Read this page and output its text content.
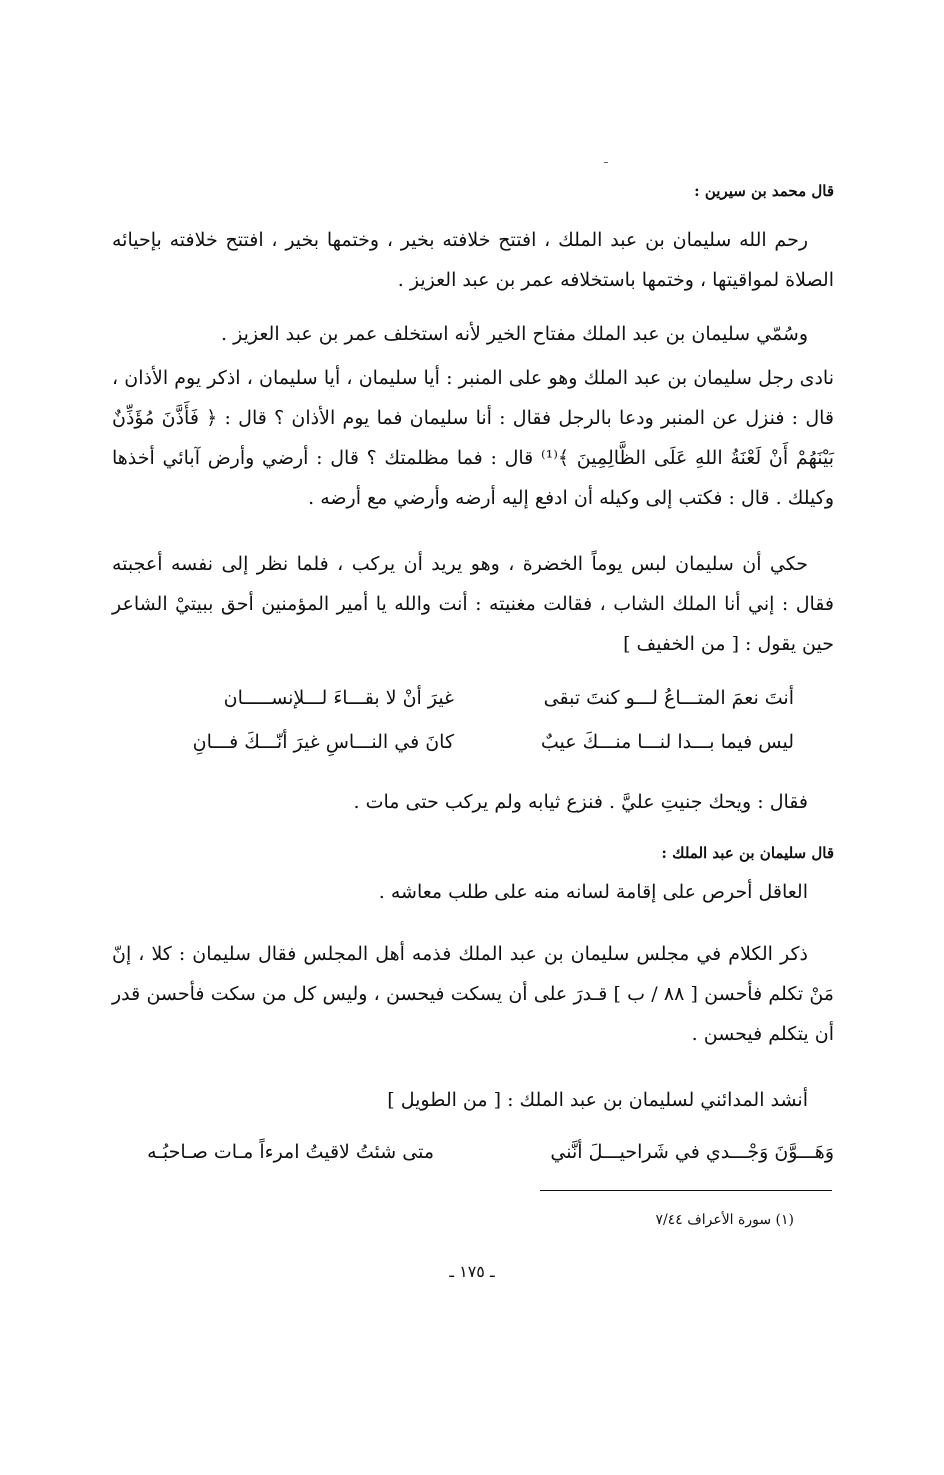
قال محمد بن سيرين :
رحم الله سليمان بن عبد الملك ، افتتح خلافته بخير ، وختمها بخير ، افتتح خلافته بإحيائه الصلاة لمواقيتها ، وختمها باستخلافه عمر بن عبد العزيز .
وسُمّي سليمان بن عبد الملك مفتاح الخير لأنه استخلف عمر بن عبد العزيز .
نادى رجل سليمان بن عبد الملك وهو على المنبر : أيا سليمان ، أيا سليمان ، اذكر يوم الأذان ، قال : فنزل عن المنبر ودعا بالرجل فقال : أنا سليمان فما يوم الأذان ؟ قال : ﴿ فَأَذَّنَ مُؤَذِّنٌ بَيْنَهُمْ أَنْ لَعْنَةُ اللهِ عَلَى الظَّالِمِينَ ﴾⁽¹⁾ قال : فما مظلمتك ؟ قال : أرضي وأرض آبائي أخذها وكيلك . قال : فكتب إلى وكيله أن ادفع إليه أرضه وأرضي مع أرضه .
حكي أن سليمان لبس يوماً الخضرة ، وهو يريد أن يركب ، فلما نظر إلى نفسه أعجبته فقال : إني أنا الملك الشاب ، فقالت مغنيته : أنت والله يا أمير المؤمنين أحق ببيتيْ الشاعر حين يقول : [ من الخفيف ]
أنتَ نعمَ المتـــاعُ لـــو كنتَ تبقى
غيرَ أنْ لا بقـــاءَ لـــلإنســـــان
ليس فيما بـــدا لنـــا منـــكَ عيبٌ
كانَ في النـــاسِ غيرَ أنّـــكَ فـــانِ
فقال : ويحك جنيتِ عليَّ . فنزع ثيابه ولم يركب حتى مات .
قال سليمان بن عبد الملك :
العاقل أحرص على إقامة لسانه منه على طلب معاشه .
ذكر الكلام في مجلس سليمان بن عبد الملك فذمه أهل المجلس فقال سليمان : كلا ، إنّ مَنْ تكلم فأحسن [ ٨٨ / ب ] قـدرَ على أن يسكت فيحسن ، وليس كل من سكت فأحسن قدر أن يتكلم فيحسن .
أنشد المدائني لسليمان بن عبد الملك : [ من الطويل ]
وَهَـــوَّنَ وَجْـــدي في شَراحيـــلَ أنَّني
متى شئتُ لاقيتُ امرءاً مـات صـاحبُـه
(١) سورة الأعراف ٧/٤٤
ـ ١٧٥ ـ
